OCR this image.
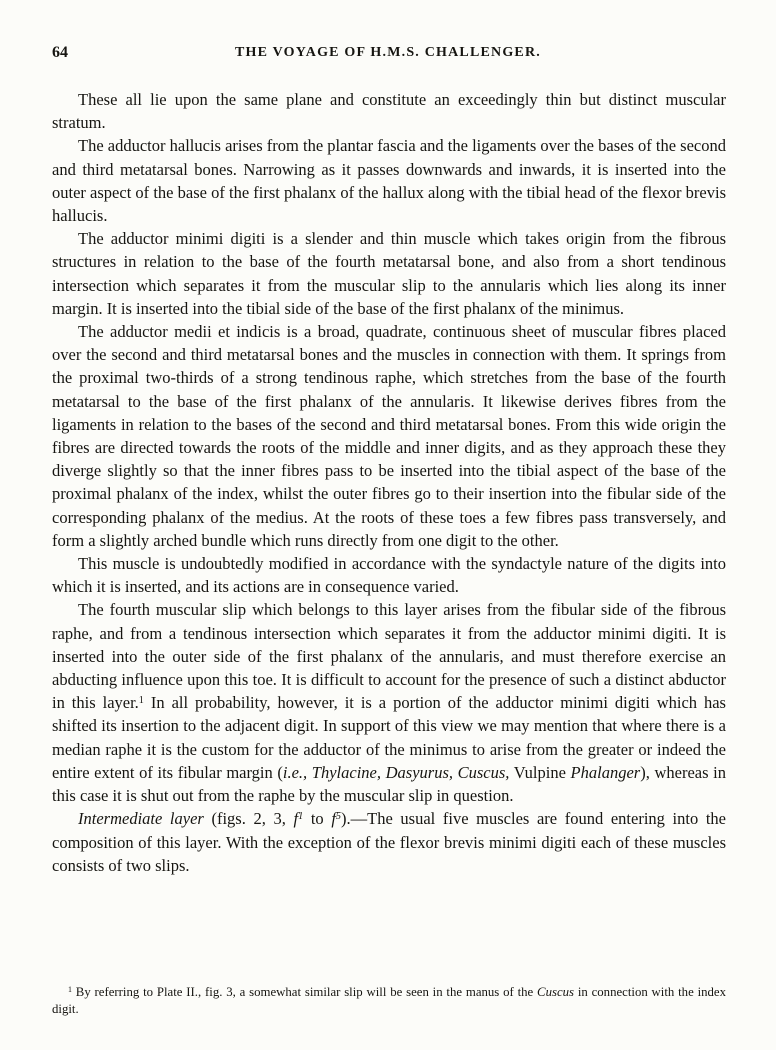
64	THE VOYAGE OF H.M.S. CHALLENGER.

These all lie upon the same plane and constitute an exceedingly thin but distinct muscular stratum.

The adductor hallucis arises from the plantar fascia and the ligaments over the bases of the second and third metatarsal bones. Narrowing as it passes downwards and inwards, it is inserted into the outer aspect of the base of the first phalanx of the hallux along with the tibial head of the flexor brevis hallucis.

The adductor minimi digiti is a slender and thin muscle which takes origin from the fibrous structures in relation to the base of the fourth metatarsal bone, and also from a short tendinous intersection which separates it from the muscular slip to the annularis which lies along its inner margin. It is inserted into the tibial side of the base of the first phalanx of the minimus.

The adductor medii et indicis is a broad, quadrate, continuous sheet of muscular fibres placed over the second and third metatarsal bones and the muscles in connection with them. It springs from the proximal two-thirds of a strong tendinous raphe, which stretches from the base of the fourth metatarsal to the base of the first phalanx of the annularis. It likewise derives fibres from the ligaments in relation to the bases of the second and third metatarsal bones. From this wide origin the fibres are directed towards the roots of the middle and inner digits, and as they approach these they diverge slightly so that the inner fibres pass to be inserted into the tibial aspect of the base of the proximal phalanx of the index, whilst the outer fibres go to their insertion into the fibular side of the corresponding phalanx of the medius. At the roots of these toes a few fibres pass transversely, and form a slightly arched bundle which runs directly from one digit to the other.

This muscle is undoubtedly modified in accordance with the syndactyle nature of the digits into which it is inserted, and its actions are in consequence varied.

The fourth muscular slip which belongs to this layer arises from the fibular side of the fibrous raphe, and from a tendinous intersection which separates it from the adductor minimi digiti. It is inserted into the outer side of the first phalanx of the annularis, and must therefore exercise an abducting influence upon this toe. It is difficult to account for the presence of such a distinct abductor in this layer.$^1$ In all probability, however, it is a portion of the adductor minimi digiti which has shifted its insertion to the adjacent digit. In support of this view we may mention that where there is a median raphe it is the custom for the adductor of the minimus to arise from the greater or indeed the entire extent of its fibular margin (i.e., Thylacine, Dasyurus, Cuscus, Vulpine Phalanger), whereas in this case it is shut out from the raphe by the muscular slip in question.

Intermediate layer (figs. 2, 3, $f^1$ to $f^5).—The$ usual five muscles are found entering into the composition of this layer. With the exception of the flexor brevis minimi digiti each of these muscles consists of two slips.

$^1$ By referring to Plate II., fig. 3, a somewhat similar slip will be seen in the manus of the Cuscus in connection with the index digit.
